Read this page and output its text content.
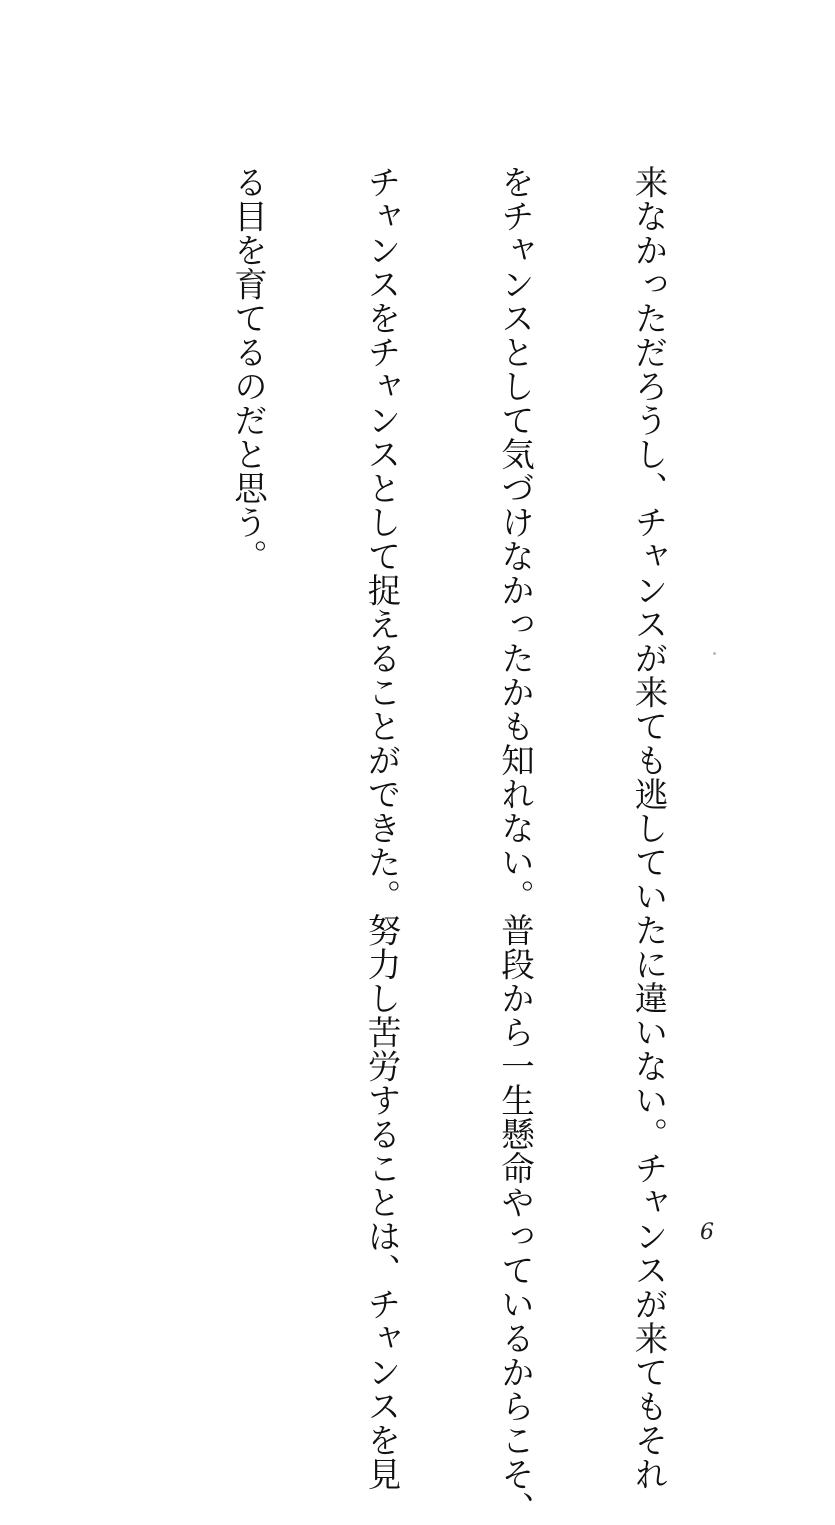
来なかっただろうし、チャンスが来ても逃していたに違いない。チャンスが来てもそれ

をチャンスとして気づけなかったかも知れない。普段から一生懸命やっているからこそ、

チャンスをチャンスとして捉えることができた。努力し苦労することは、チャンスを見

る目を育てるのだと思う。

6
